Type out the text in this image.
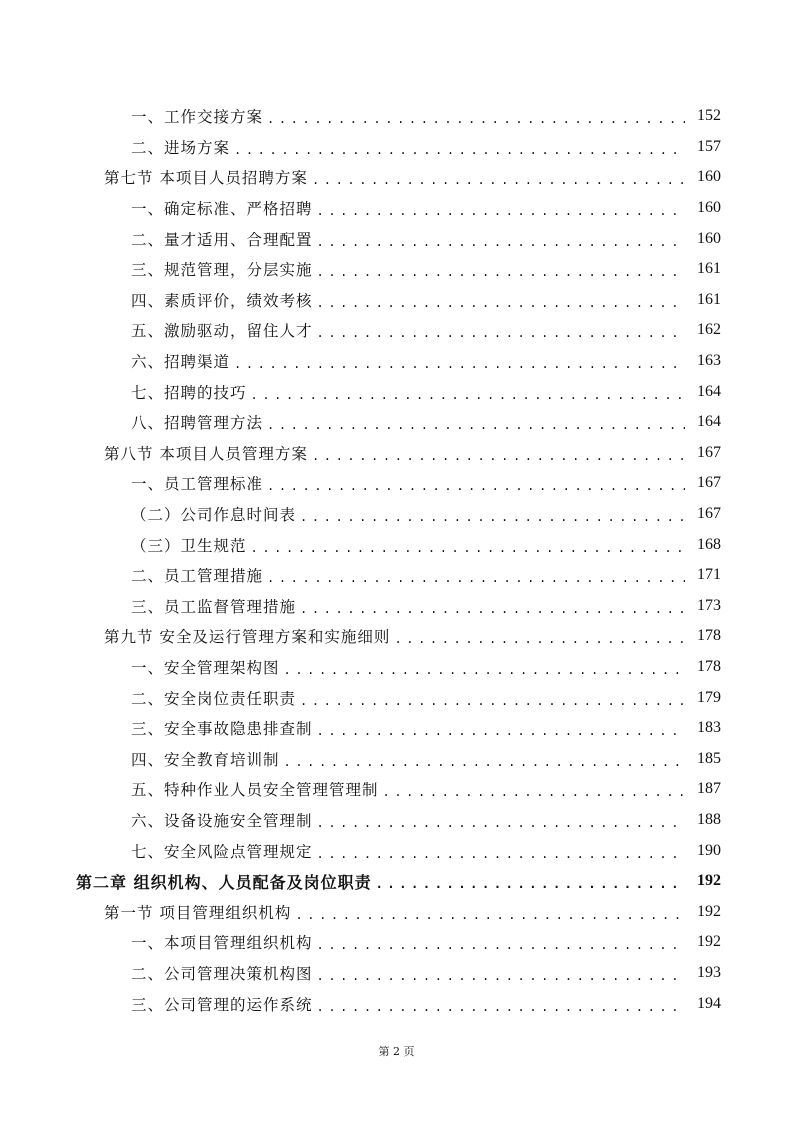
一、工作交接方案 .....	152
二、进场方案 .....	157
第七节 本项目人员招聘方案 .....	160
一、确定标准、严格招聘 .....	160
二、量才适用、合理配置 .....	160
三、规范管理，分层实施 .....	161
四、素质评价，绩效考核 .....	161
五、激励驱动，留住人才 .....	162
六、招聘渠道 .....	163
七、招聘的技巧 .....	164
八、招聘管理方法 .....	164
第八节 本项目人员管理方案 .....	167
一、员工管理标准 .....	167
（二）公司作息时间表 .....	167
（三）卫生规范 .....	168
二、员工管理措施 .....	171
三、员工监督管理措施 .....	173
第九节 安全及运行管理方案和实施细则 .....	178
一、安全管理架构图 .....	178
二、安全岗位责任职责 .....	179
三、安全事故隐患排查制 .....	183
四、安全教育培训制 .....	185
五、特种作业人员安全管理管理制 .....	187
六、设备设施安全管理制 .....	188
七、安全风险点管理规定 .....	190
第二章 组织机构、人员配备及岗位职责 .....	192
第一节 项目管理组织机构 .....	192
一、本项目管理组织机构 .....	192
二、公司管理决策机构图 .....	193
三、公司管理的运作系统 .....	194
第 2 页
